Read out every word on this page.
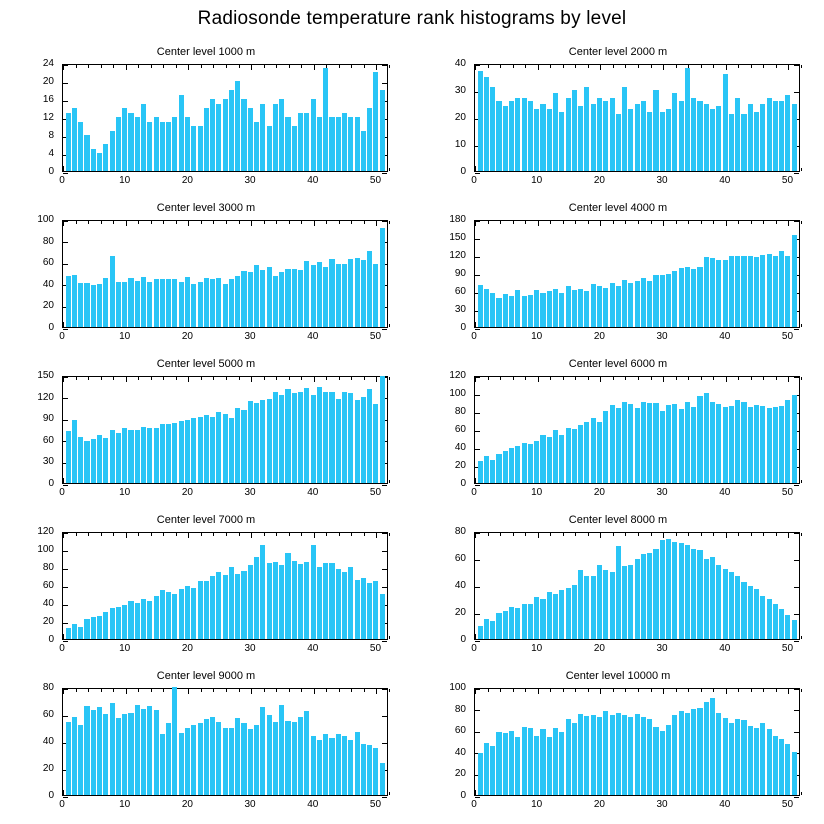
Radiosonde temperature rank histograms by level
Center level 1000 m
0
4
8
12
16
20
24
0	10	20	30	40	50
Center level 2000 m
0
10
20
30
40
0	10	20	30	40	50
Center level 3000 m
0
20
40
60
80
100
0	10	20	30	40	50
Center level 4000 m
0
30
60
90
120
150
180
0	10	20	30	40	50
Center level 5000 m
0
30
60
90
120
150
0	10	20	30	40	50
Center level 6000 m
0
20
40
60
80
100
120
0	10	20	30	40	50
Center level 7000 m
0
20
40
60
80
100
120
0	10	20	30	40	50
Center level 8000 m
0
20
40
60
80
0	10	20	30	40	50
Center level 9000 m
0
20
40
60
80
0	10	20	30	40	50
Center level 10000 m
0
20
40
60
80
100
0	10	20	30	40	50
